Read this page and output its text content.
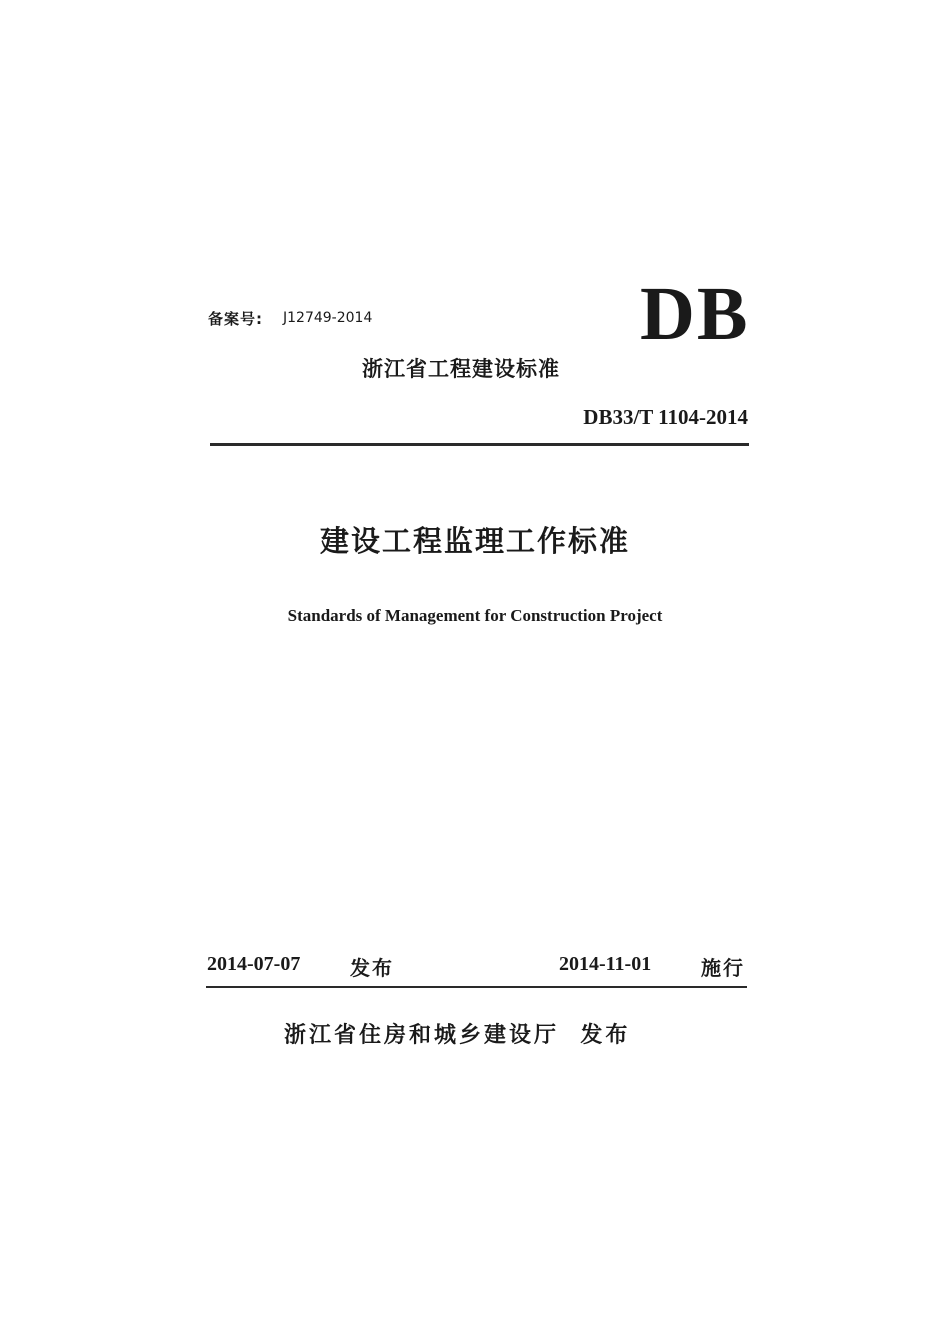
备案号: J12749-2014	DB
浙江省工程建设标准
DB33/T 1104-2014
建设工程监理工作标准
Standards of Management for Construction Project
2014-07-07 发布	2014-11-01 施行
浙江省住房和城乡建设厅  发布
